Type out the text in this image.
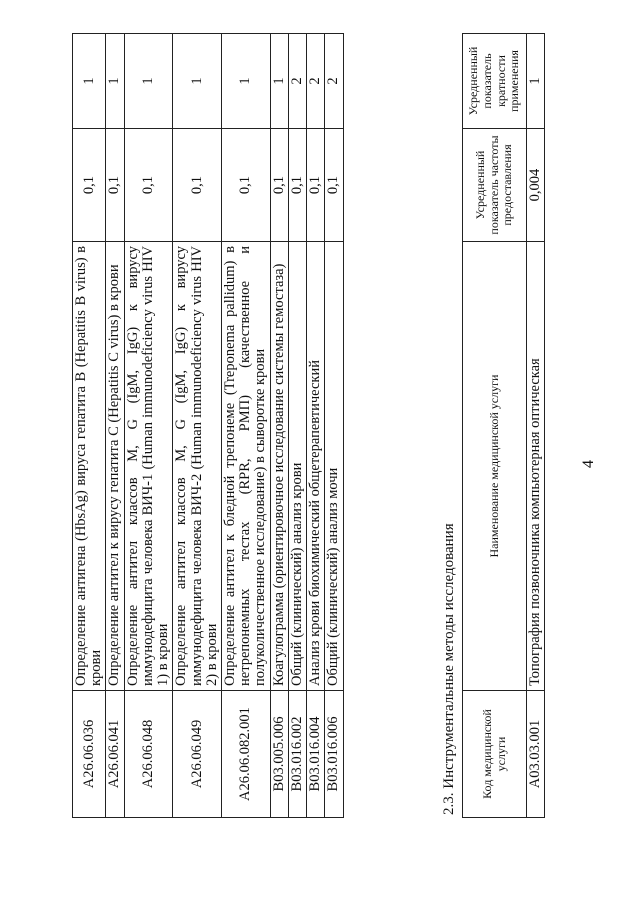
4
A26.06.036	Определение антигена (HbsAg) вируса гепатита В (Hepatitis B virus) в крови	0,1	1
A26.06.041	Определение антител к вирусу гепатита С (Hepatitis C virus) в крови	0,1	1
A26.06.048	Определение антител классов M, G (IgM, IgG) к вирусу иммунодефицита человека ВИЧ-1 (Human immunodeficiency virus HIV 1) в крови	0,1	1
A26.06.049	Определение антител классов M, G (IgM, IgG) к вирусу иммунодефицита человека ВИЧ-2 (Human immunodeficiency virus HIV 2) в крови	0,1	1
A26.06.082.001	Определение антител к бледной трепонеме (Treponema pallidum) в нетрепонемных тестах (RPR, РМП) (качественное и полуколичественное исследование) в сыворотке крови	0,1	1
B03.005.006	Коагулограмма (ориентировочное исследование системы гемостаза)	0,1	1
B03.016.002	Общий (клинический) анализ крови	0,1	2
B03.016.004	Анализ крови биохимический общетерапевтический	0,1	2
B03.016.006	Общий (клинический) анализ мочи	0,1	2
2.3. Инструментальные методы исследования Код медицинской услуги	Наименование медицинской услуги	Усредненный показатель частоты предоставления	Усредненный показатель кратности применения
A03.03.001	Топография позвоночника компьютерная оптическая	0,004	1
